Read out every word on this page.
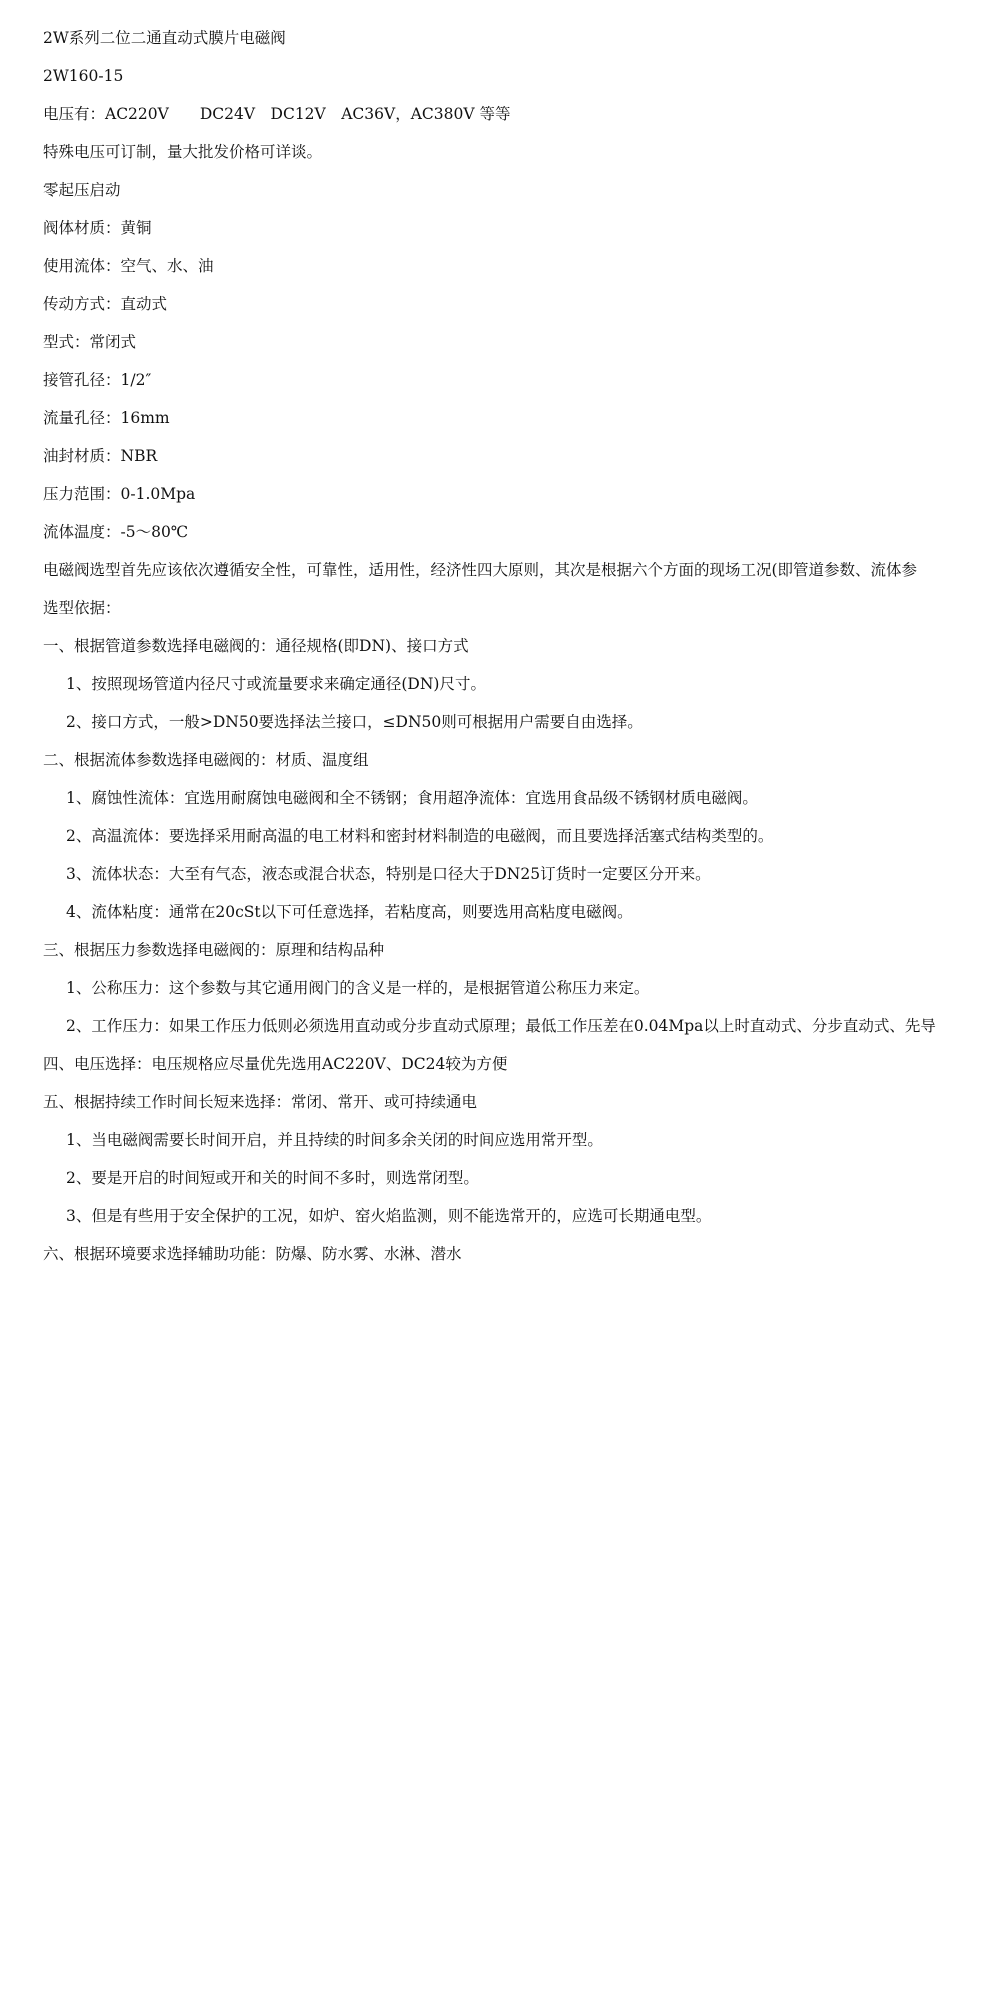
2W系列二位二通直动式膜片电磁阀
2W160-15
电压有：AC220V　　DC24V　DC12V　AC36V，AC380V 等等
特殊电压可订制，量大批发价格可详谈。
零起压启动
阀体材质：黄铜
使用流体：空气、水、油
传动方式：直动式
型式：常闭式
接管孔径：1/2″
流量孔径：16mm
油封材质：NBR
压力范围：0-1.0Mpa
流体温度：-5～80℃
电磁阀选型首先应该依次遵循安全性，可靠性，适用性，经济性四大原则，其次是根据六个方面的现场工况(即管道参数、流体参
选型依据：
一、根据管道参数选择电磁阀的：通径规格(即DN)、接口方式
1、按照现场管道内径尺寸或流量要求来确定通径(DN)尺寸。
2、接口方式，一般>DN50要选择法兰接口，≤DN50则可根据用户需要自由选择。
二、根据流体参数选择电磁阀的：材质、温度组
1、腐蚀性流体：宜选用耐腐蚀电磁阀和全不锈钢；食用超净流体：宜选用食品级不锈钢材质电磁阀。
2、高温流体：要选择采用耐高温的电工材料和密封材料制造的电磁阀，而且要选择活塞式结构类型的。
3、流体状态：大至有气态，液态或混合状态，特别是口径大于DN25订货时一定要区分开来。
4、流体粘度：通常在20cSt以下可任意选择，若粘度高，则要选用高粘度电磁阀。
三、根据压力参数选择电磁阀的：原理和结构品种
1、公称压力：这个参数与其它通用阀门的含义是一样的，是根据管道公称压力来定。
2、工作压力：如果工作压力低则必须选用直动或分步直动式原理；最低工作压差在0.04Mpa以上时直动式、分步直动式、先导
四、电压选择：电压规格应尽量优先选用AC220V、DC24较为方便
五、根据持续工作时间长短来选择：常闭、常开、或可持续通电
1、当电磁阀需要长时间开启，并且持续的时间多余关闭的时间应选用常开型。
2、要是开启的时间短或开和关的时间不多时，则选常闭型。
3、但是有些用于安全保护的工况，如炉、窑火焰监测，则不能选常开的，应选可长期通电型。
六、根据环境要求选择辅助功能：防爆、防水雾、水淋、潜水
